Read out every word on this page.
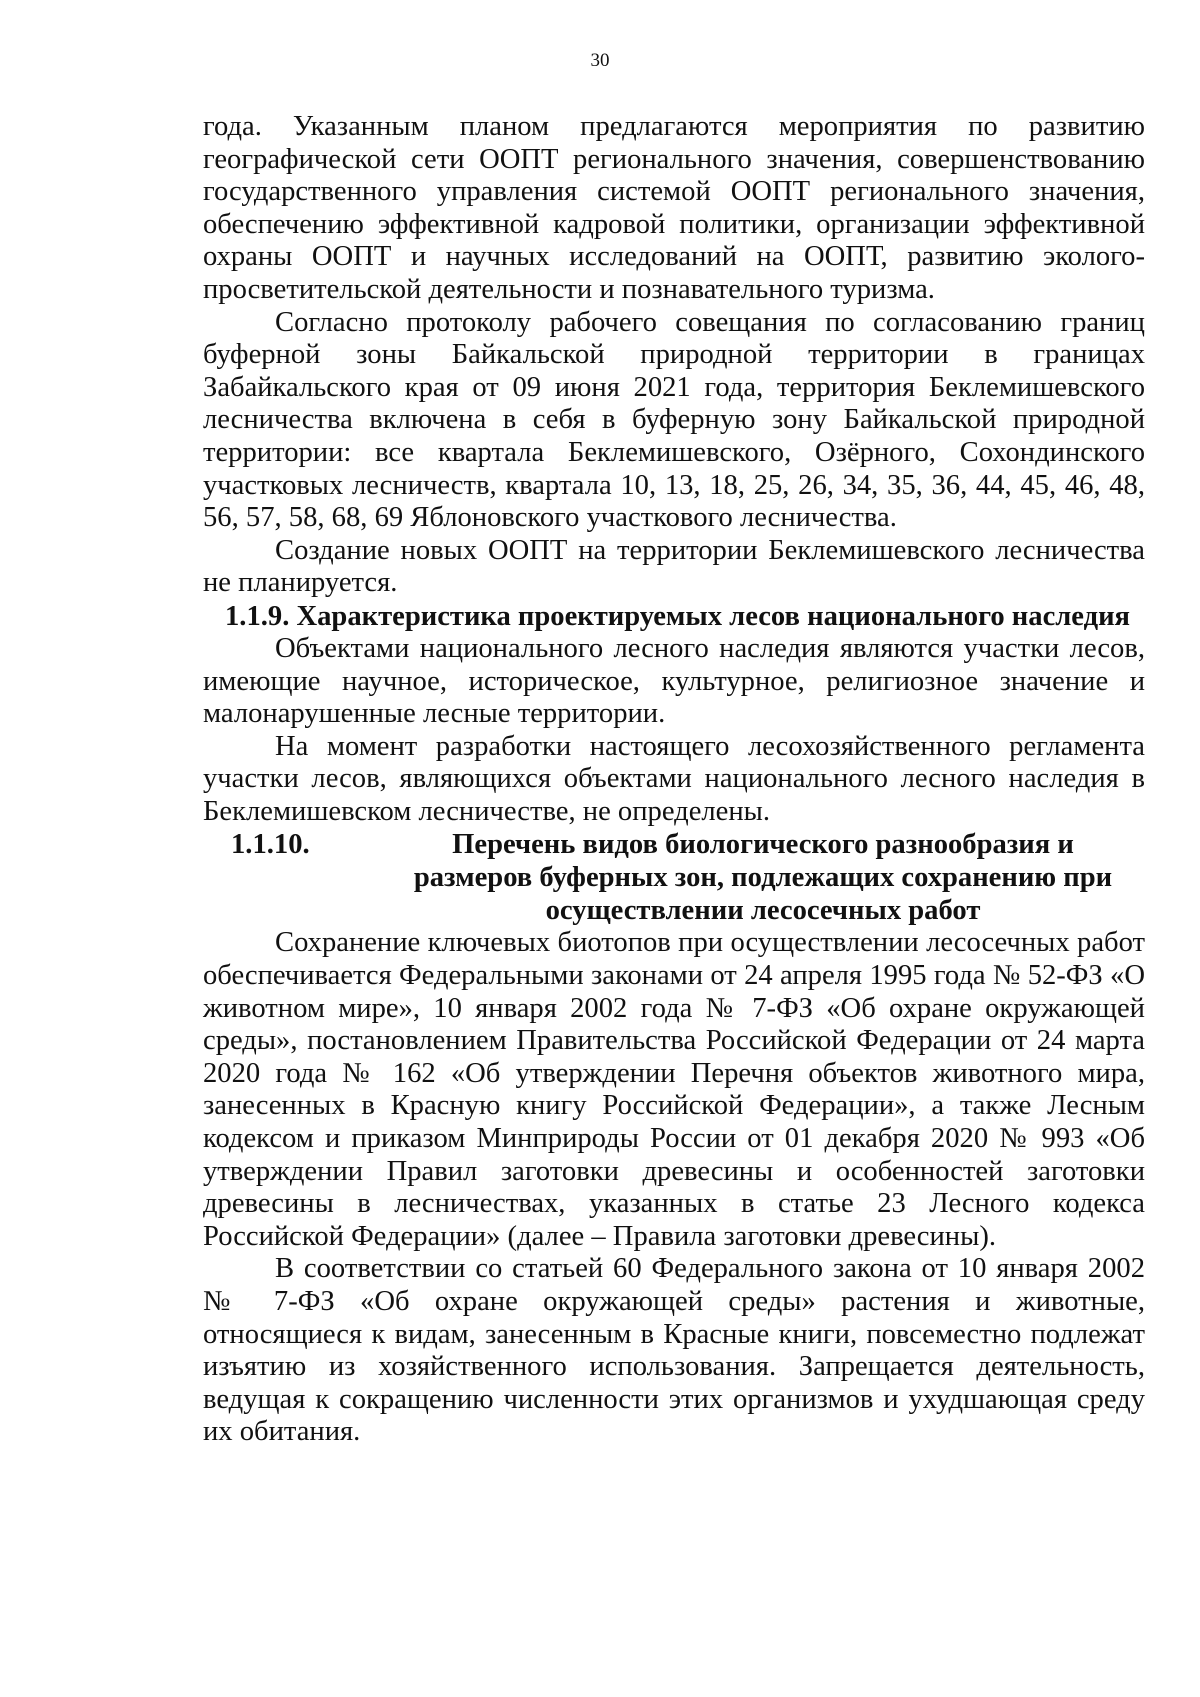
30

года. Указанным планом предлагаются мероприятия по развитию географической сети ООПТ регионального значения, совершенствованию государственного управления системой ООПТ регионального значения, обеспечению эффективной кадровой политики, организации эффективной охраны ООПТ и научных исследований на ООПТ, развитию эколого-просветительской деятельности и познавательного туризма.

Согласно протоколу рабочего совещания по согласованию границ буферной зоны Байкальской природной территории в границах Забайкальского края от 09 июня 2021 года, территория Беклемишевского лесничества включена в себя в буферную зону Байкальской природной территории: все квартала Беклемишевского, Озёрного, Сохондинского участковых лесничеств, квартала 10, 13, 18, 25, 26, 34, 35, 36, 44, 45, 46, 48, 56, 57, 58, 68, 69 Яблоновского участкового лесничества.

Создание новых ООПТ на территории Беклемишевского лесничества не планируется.

1.1.9. Характеристика проектируемых лесов национального наследия

Объектами национального лесного наследия являются участки лесов, имеющие научное, историческое, культурное, религиозное значение и малонарушенные лесные территории.

На момент разработки настоящего лесохозяйственного регламента участки лесов, являющихся объектами национального лесного наследия в Беклемишевском лесничестве, не определены.

1.1.10.	Перечень видов биологического разнообразия и размеров буферных зон, подлежащих сохранению при осуществлении лесосечных работ

Сохранение ключевых биотопов при осуществлении лесосечных работ обеспечивается Федеральными законами от 24 апреля 1995 года № 52-ФЗ «О животном мире», 10 января 2002 года № 7-ФЗ «Об охране окружающей среды», постановлением Правительства Российской Федерации от 24 марта 2020 года № 162 «Об утверждении Перечня объектов животного мира, занесенных в Красную книгу Российской Федерации», а также Лесным кодексом и приказом Минприроды России от 01 декабря 2020 № 993 «Об утверждении Правил заготовки древесины и особенностей заготовки древесины в лесничествах, указанных в статье 23 Лесного кодекса Российской Федерации» (далее – Правила заготовки древесины).

В соответствии со статьей 60 Федерального закона от 10 января 2002 № 7-ФЗ «Об охране окружающей среды» растения и животные, относящиеся к видам, занесенным в Красные книги, повсеместно подлежат изъятию из хозяйственного использования. Запрещается деятельность, ведущая к сокращению численности этих организмов и ухудшающая среду их обитания.
